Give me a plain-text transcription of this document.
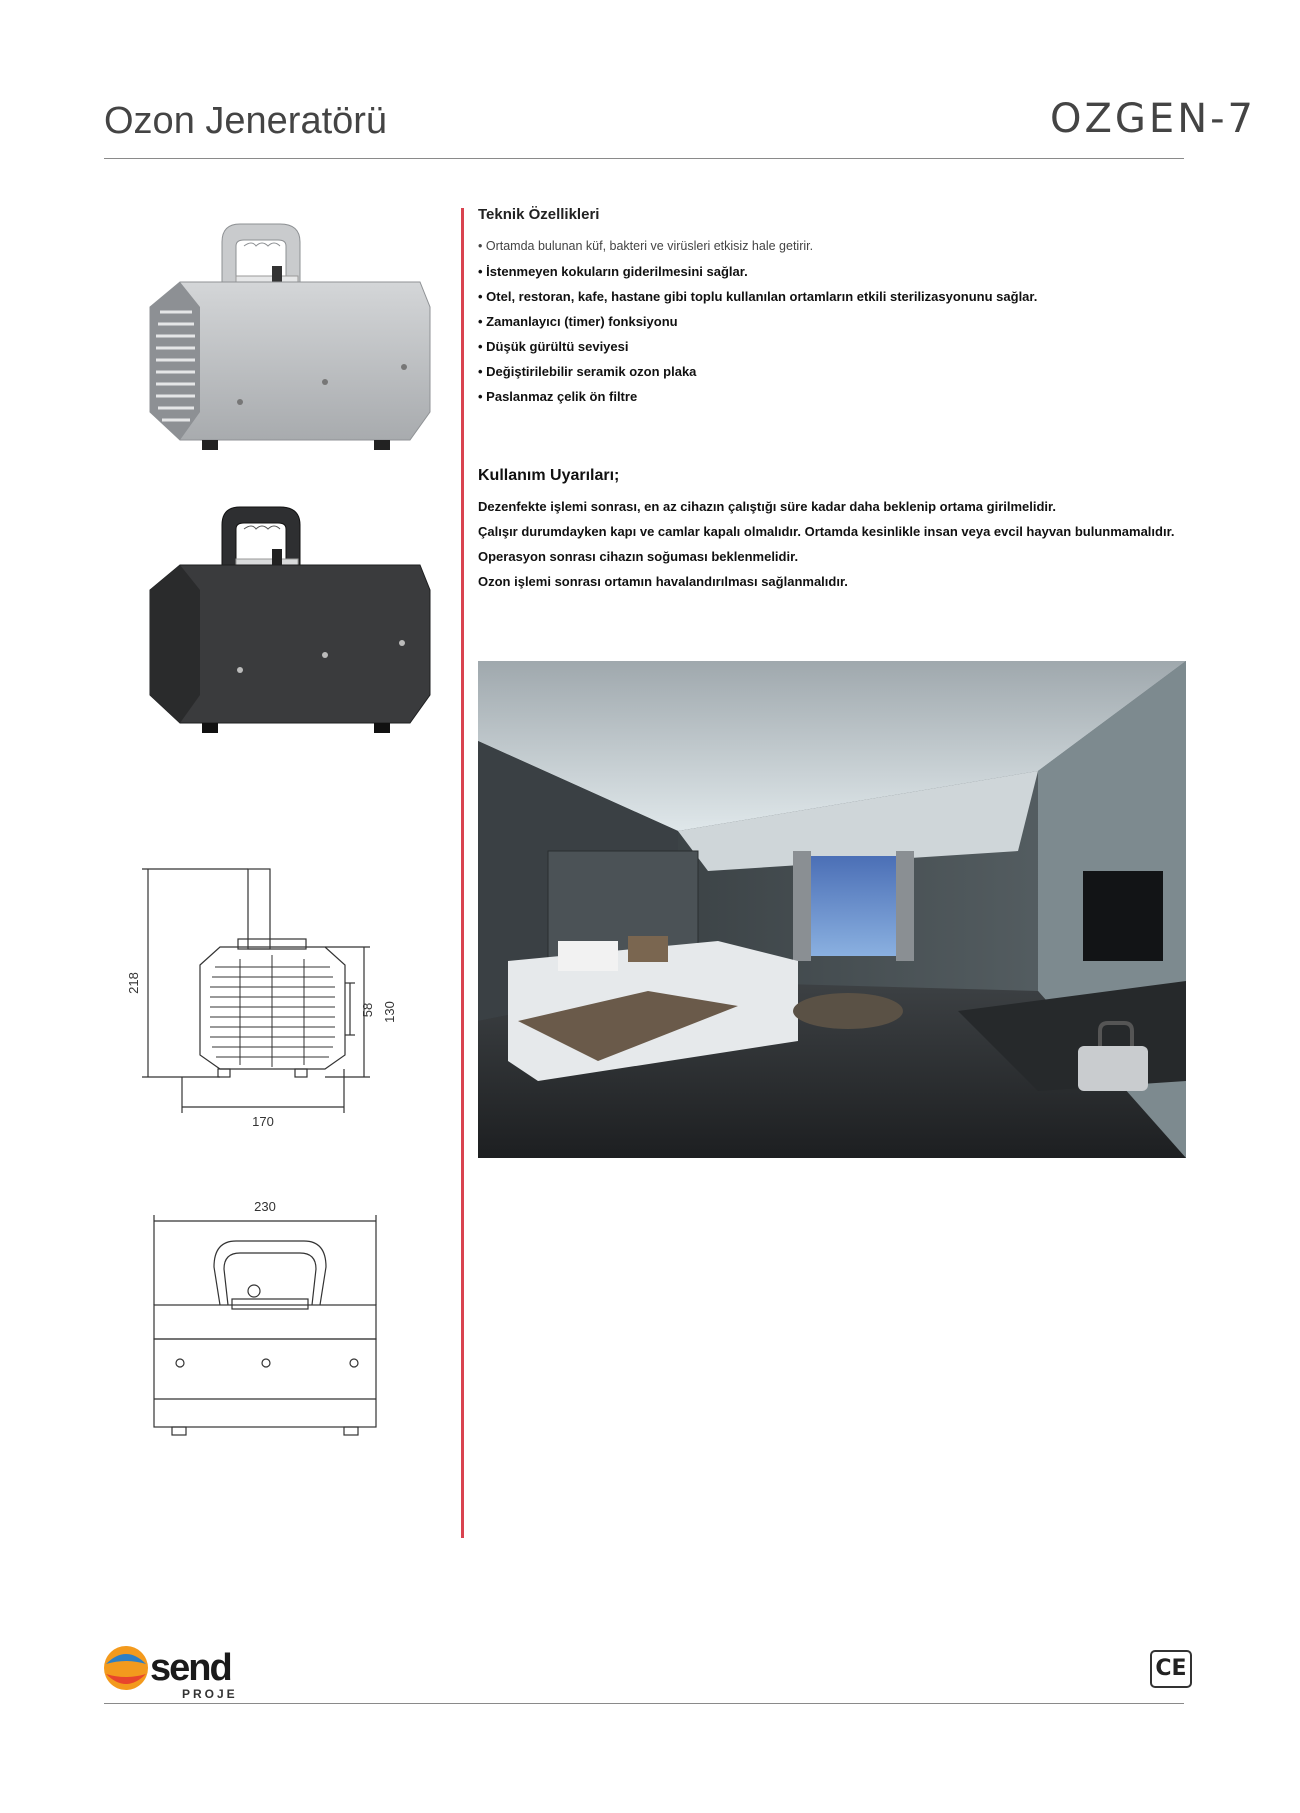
Ozon Jeneratörü	OZGEN-7
218
130
58
170
230
Teknik Özellikleri
• Ortamda bulunan küf, bakteri ve virüsleri etkisiz hale getirir.
• İstenmeyen kokuların giderilmesini sağlar.
• Otel, restoran, kafe, hastane gibi toplu kullanılan ortamların etkili sterilizasyonunu sağlar.
• Zamanlayıcı (timer) fonksiyonu
• Düşük gürültü seviyesi
• Değiştirilebilir seramik ozon plaka
• Paslanmaz çelik ön filtre
Kullanım Uyarıları;
Dezenfekte işlemi sonrası, en az cihazın çalıştığı süre kadar daha beklenip ortama girilmelidir.
Çalışır durumdayken kapı ve camlar kapalı olmalıdır. Ortamda kesinlikle insan veya evcil hayvan bulunmamalıdır.
Operasyon sonrası cihazın soğuması beklenmelidir.
Ozon işlemi sonrası ortamın havalandırılması sağlanmalıdır.
send
PROJE
CE
